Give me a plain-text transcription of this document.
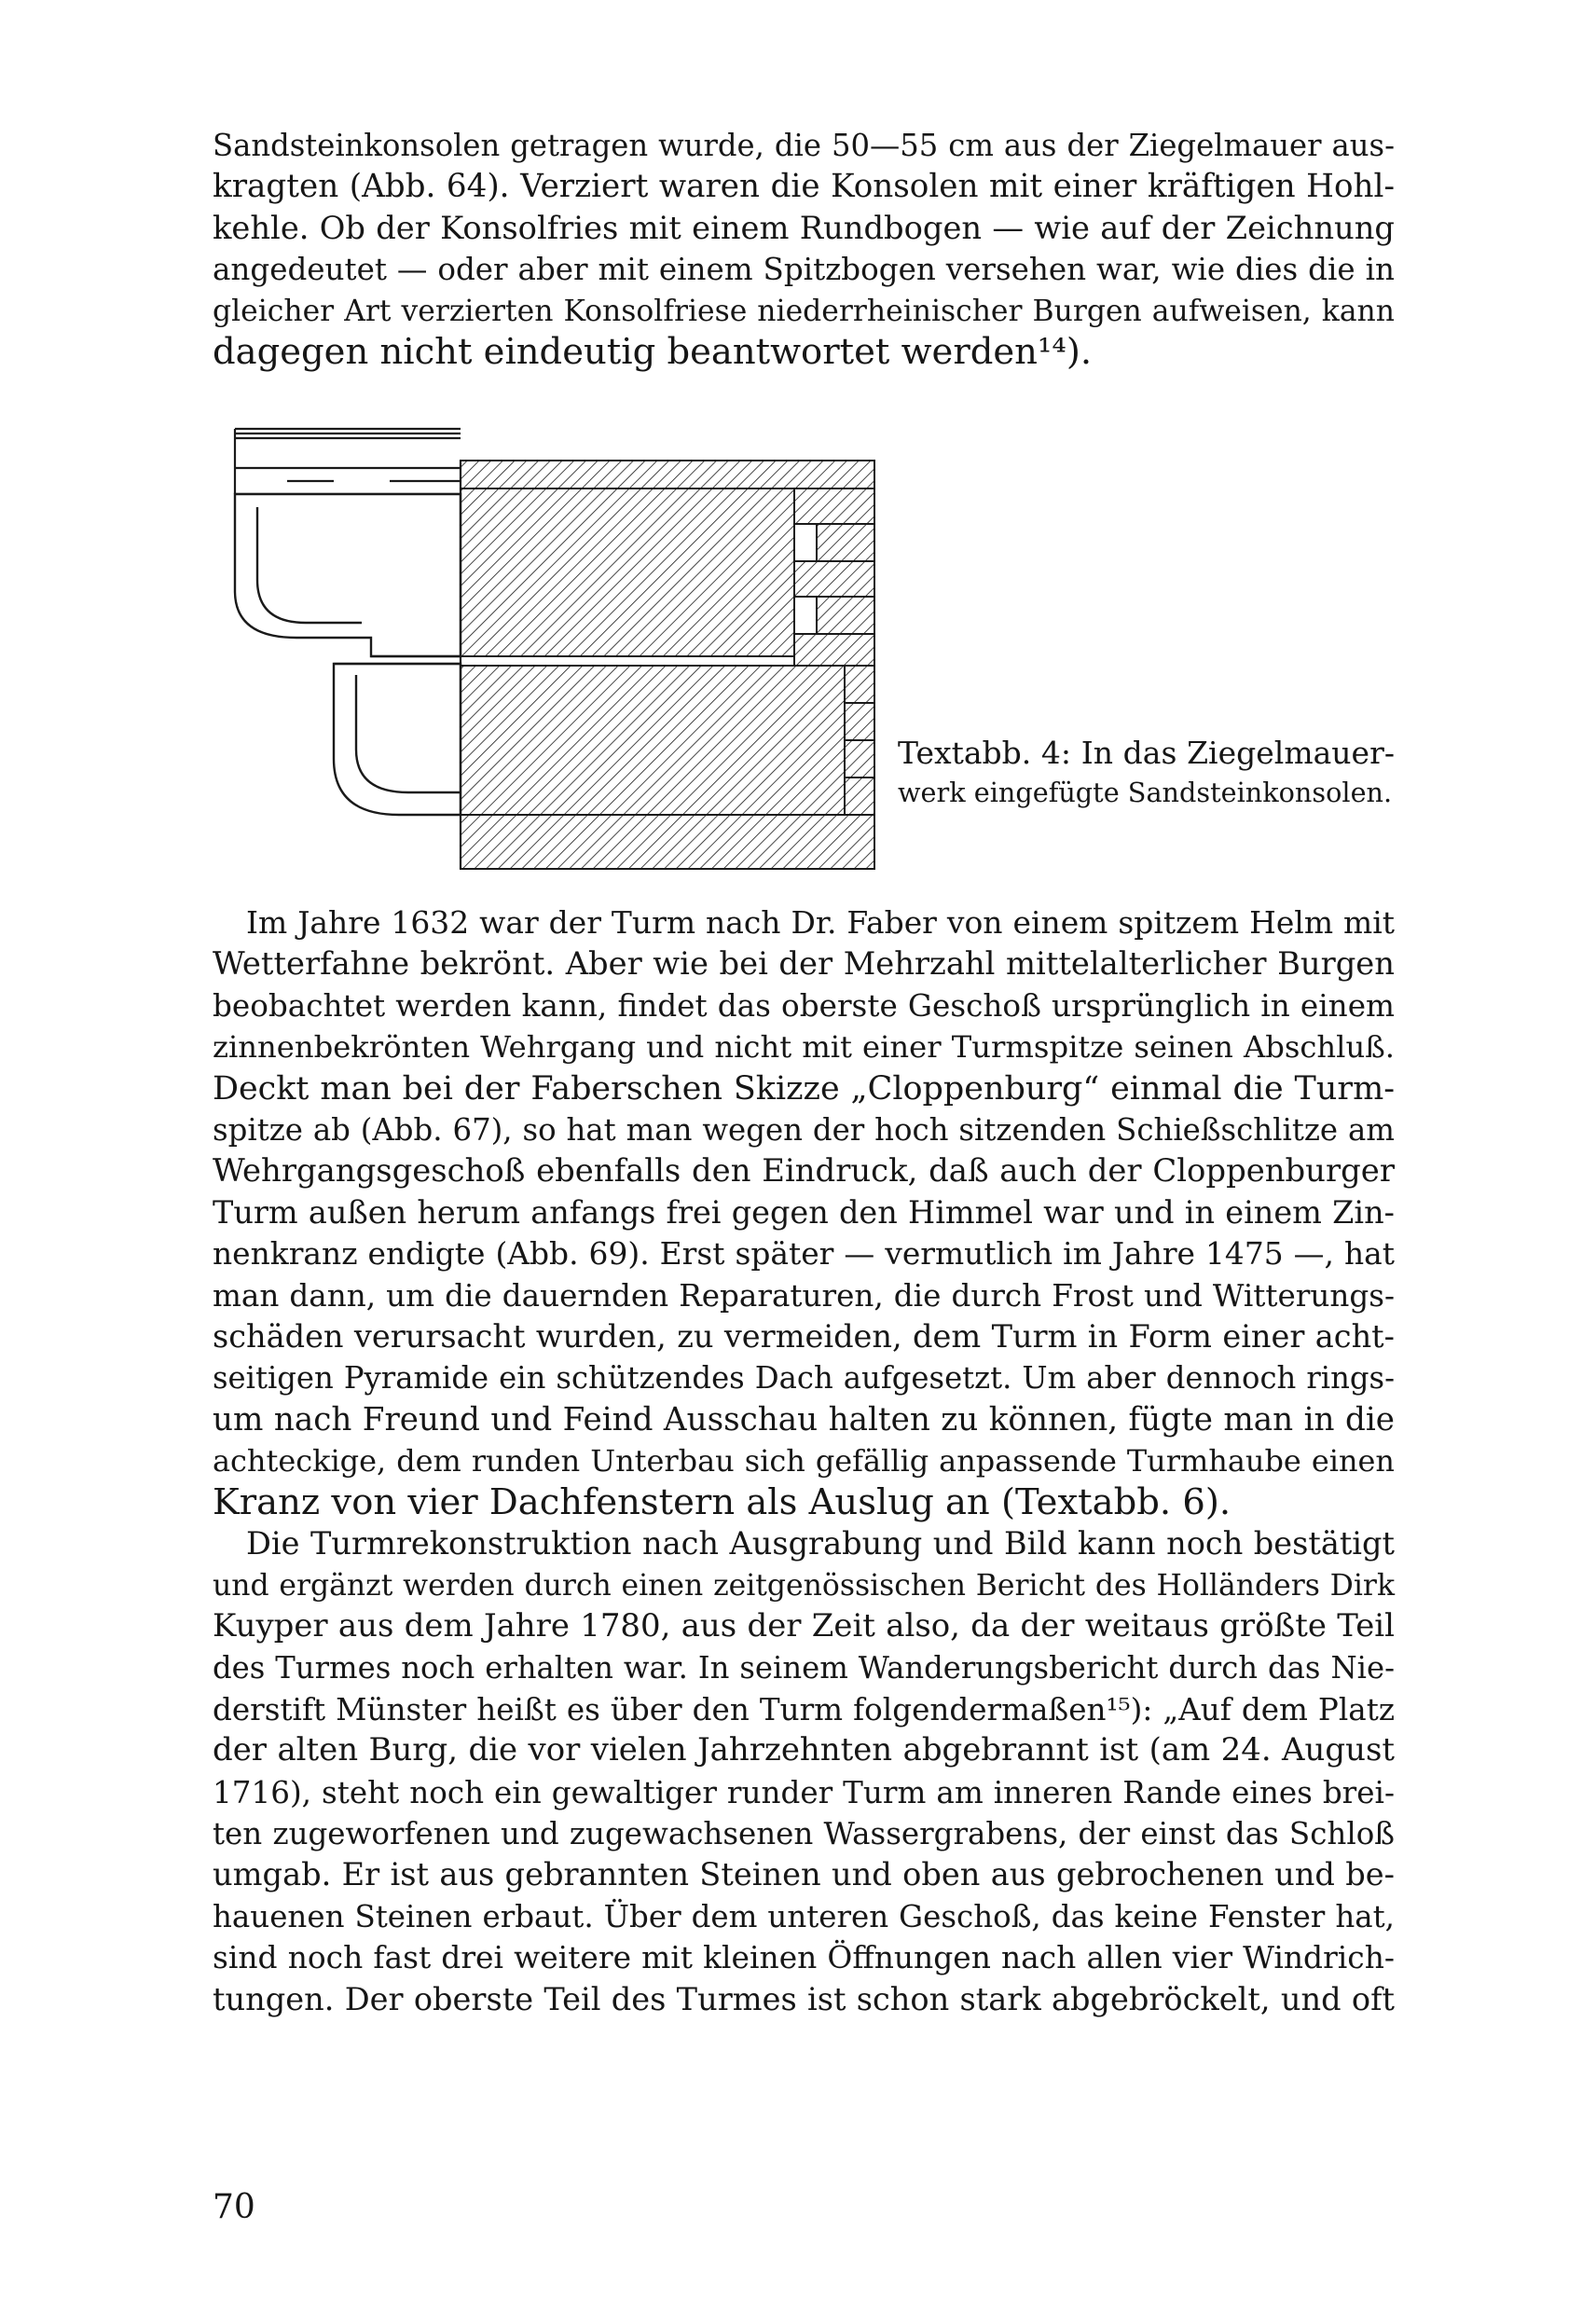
Sandsteinkonsolen getragen wurde, die 50—55 cm aus der Ziegelmauer aus-
kragten (Abb. 64). Verziert waren die Konsolen mit einer kräftigen Hohl-
kehle. Ob der Konsolfries mit einem Rundbogen — wie auf der Zeichnung
angedeutet — oder aber mit einem Spitzbogen versehen war, wie dies die in
gleicher Art verzierten Konsolfriese niederrheinischer Burgen aufweisen, kann
dagegen nicht eindeutig beantwortet werden¹⁴).
Textabb. 4: In das Ziegelmauer-
werk eingefügte Sandsteinkonsolen.
Im Jahre 1632 war der Turm nach Dr. Faber von einem spitzem Helm mit
Wetterfahne bekrönt. Aber wie bei der Mehrzahl mittelalterlicher Burgen
beobachtet werden kann, findet das oberste Geschoß ursprünglich in einem
zinnenbekrönten Wehrgang und nicht mit einer Turmspitze seinen Abschluß.
Deckt man bei der Faberschen Skizze „Cloppenburg“ einmal die Turm-
spitze ab (Abb. 67), so hat man wegen der hoch sitzenden Schießschlitze am
Wehrgangsgeschoß ebenfalls den Eindruck, daß auch der Cloppenburger
Turm außen herum anfangs frei gegen den Himmel war und in einem Zin-
nenkranz endigte (Abb. 69). Erst später — vermutlich im Jahre 1475 —, hat
man dann, um die dauernden Reparaturen, die durch Frost und Witterungs-
schäden verursacht wurden, zu vermeiden, dem Turm in Form einer acht-
seitigen Pyramide ein schützendes Dach aufgesetzt. Um aber dennoch rings-
um nach Freund und Feind Ausschau halten zu können, fügte man in die
achteckige, dem runden Unterbau sich gefällig anpassende Turmhaube einen
Kranz von vier Dachfenstern als Auslug an (Textabb. 6).
Die Turmrekonstruktion nach Ausgrabung und Bild kann noch bestätigt
und ergänzt werden durch einen zeitgenössischen Bericht des Holländers Dirk
Kuyper aus dem Jahre 1780, aus der Zeit also, da der weitaus größte Teil
des Turmes noch erhalten war. In seinem Wanderungsbericht durch das Nie-
derstift Münster heißt es über den Turm folgendermaßen¹⁵): „Auf dem Platz
der alten Burg, die vor vielen Jahrzehnten abgebrannt ist (am 24. August
1716), steht noch ein gewaltiger runder Turm am inneren Rande eines brei-
ten zugeworfenen und zugewachsenen Wassergrabens, der einst das Schloß
umgab. Er ist aus gebrannten Steinen und oben aus gebrochenen und be-
hauenen Steinen erbaut. Über dem unteren Geschoß, das keine Fenster hat,
sind noch fast drei weitere mit kleinen Öffnungen nach allen vier Windrich-
tungen. Der oberste Teil des Turmes ist schon stark abgebröckelt, und oft
70
